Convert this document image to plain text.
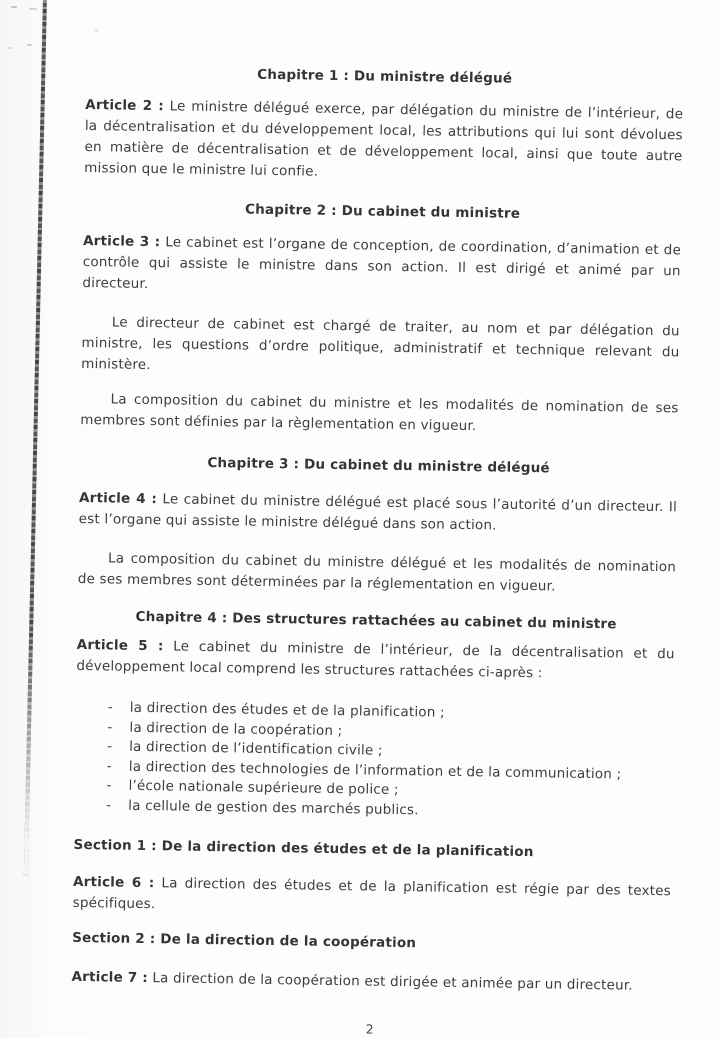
Chapitre 1 : Du ministre délégué
Article 2 : Le ministre délégué exerce, par délégation du ministre de l’intérieur, de la décentralisation et du développement local, les attributions qui lui sont dévolues en matière de décentralisation et de développement local, ainsi que toute autre mission que le ministre lui confie.
Chapitre 2 : Du cabinet du ministre
Article 3 : Le cabinet est l’organe de conception, de coordination, d’animation et de contrôle qui assiste le ministre dans son action. Il est dirigé et animé par un directeur.
Le directeur de cabinet est chargé de traiter, au nom et par délégation du ministre, les questions d’ordre politique, administratif et technique relevant du ministère.
La composition du cabinet du ministre et les modalités de nomination de ses membres sont définies par la règlementation en vigueur.
Chapitre 3 : Du cabinet du ministre délégué
Article 4 : Le cabinet du ministre délégué est placé sous l’autorité d’un directeur. Il est l’organe qui assiste le ministre délégué dans son action.
La composition du cabinet du ministre délégué et les modalités de nomination de ses membres sont déterminées par la réglementation en vigueur.
Chapitre 4 : Des structures rattachées au cabinet du ministre
Article 5 : Le cabinet du ministre de l’intérieur, de la décentralisation et du développement local comprend les structures rattachées ci-après :
-	la direction des études et de la planification ;
-	la direction de la coopération ;
-	la direction de l’identification civile ;
-	la direction des technologies de l’information et de la communication ;
-	l’école nationale supérieure de police ;
-	la cellule de gestion des marchés publics.
Section 1 : De la direction des études et de la planification
Article 6 : La direction des études et de la planification est régie par des textes spécifiques.
Section 2 : De la direction de la coopération
Article 7 : La direction de la coopération est dirigée et animée par un directeur.
2
